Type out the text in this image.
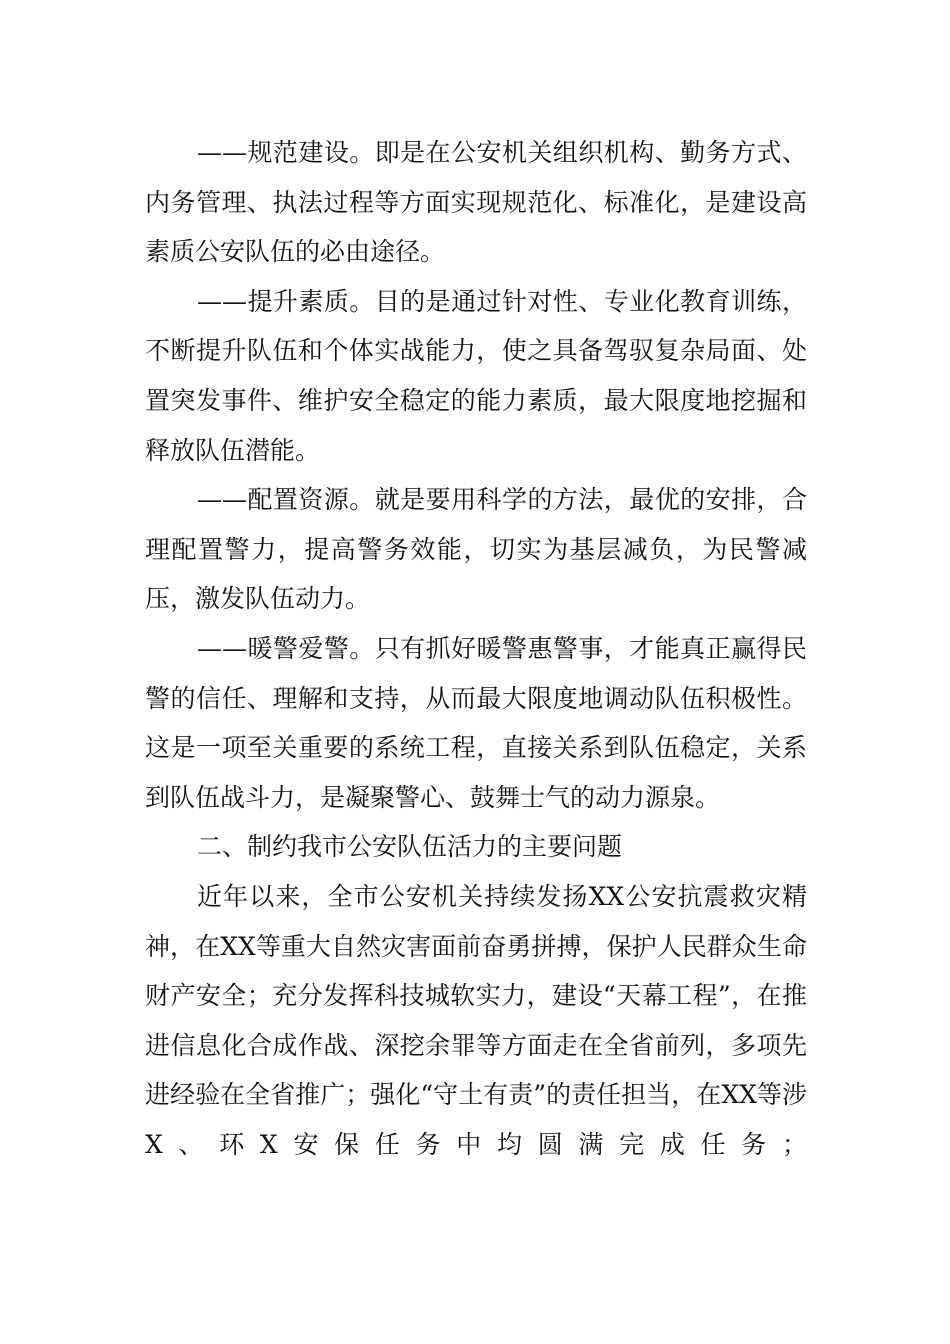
——规范建设。即是在公安机关组织机构、勤务方式、内务管理、执法过程等方面实现规范化、标准化，是建设高素质公安队伍的必由途径。

——提升素质。目的是通过针对性、专业化教育训练，不断提升队伍和个体实战能力，使之具备驾驭复杂局面、处置突发事件、维护安全稳定的能力素质，最大限度地挖掘和释放队伍潜能。

——配置资源。就是要用科学的方法，最优的安排，合理配置警力，提高警务效能，切实为基层减负，为民警减压，激发队伍动力。

——暖警爱警。只有抓好暖警惠警事，才能真正赢得民警的信任、理解和支持，从而最大限度地调动队伍积极性。这是一项至关重要的系统工程，直接关系到队伍稳定，关系到队伍战斗力，是凝聚警心、鼓舞士气的动力源泉。

二、制约我市公安队伍活力的主要问题

近年以来，全市公安机关持续发扬XX公安抗震救灾精神，在XX等重大自然灾害面前奋勇拼搏，保护人民群众生命财产安全；充分发挥科技城软实力，建设“天幕工程”，在推进信息化合成作战、深挖余罪等方面走在全省前列，多项先进经验在全省推广；强化“守土有责”的责任担当，在XX等涉X、环X安保任务中均圆满完成任务；
